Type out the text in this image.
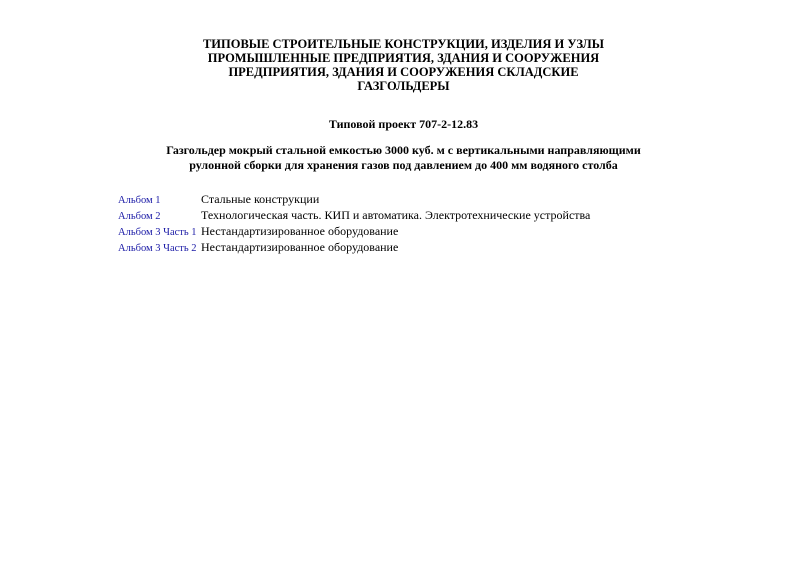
ТИПОВЫЕ СТРОИТЕЛЬНЫЕ КОНСТРУКЦИИ, ИЗДЕЛИЯ И УЗЛЫ
ПРОМЫШЛЕННЫЕ ПРЕДПРИЯТИЯ, ЗДАНИЯ И СООРУЖЕНИЯ
ПРЕДПРИЯТИЯ, ЗДАНИЯ И СООРУЖЕНИЯ СКЛАДСКИЕ
ГАЗГОЛЬДЕРЫ
Типовой проект 707-2-12.83
Газгольдер мокрый стальной емкостью 3000 куб. м с вертикальными направляющими
рулонной сборки для хранения газов под давлением до 400 мм водяного столба
Альбом 1	Стальные конструкции
Альбом 2	Технологическая часть. КИП и автоматика. Электротехнические устройства
Альбом 3 Часть 1 Нестандартизированное оборудование
Альбом 3 Часть 2 Нестандартизированное оборудование
